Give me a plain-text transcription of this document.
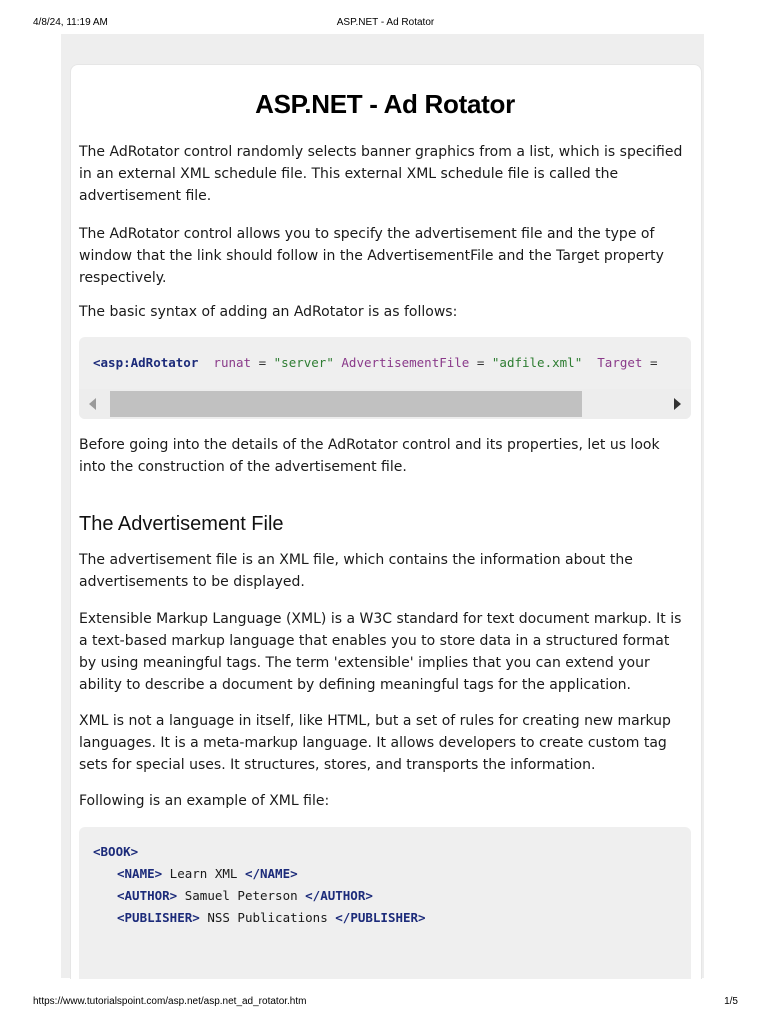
4/8/24, 11:19 AM	ASP.NET - Ad Rotator
ASP.NET - Ad Rotator

The AdRotator control randomly selects banner graphics from a list, which is specified in an external XML schedule file. This external XML schedule file is called the advertisement file.

The AdRotator control allows you to specify the advertisement file and the type of window that the link should follow in the AdvertisementFile and the Target property respectively.

The basic syntax of adding an AdRotator is as follows:

<asp:AdRotator runat = "server" AdvertisementFile = "adfile.xml" Target =

Before going into the details of the AdRotator control and its properties, let us look into the construction of the advertisement file.

The Advertisement File

The advertisement file is an XML file, which contains the information about the advertisements to be displayed.

Extensible Markup Language (XML) is a W3C standard for text document markup. It is a text-based markup language that enables you to store data in a structured format by using meaningful tags. The term 'extensible' implies that you can extend your ability to describe a document by defining meaningful tags for the application.

XML is not a language in itself, like HTML, but a set of rules for creating new markup languages. It is a meta-markup language. It allows developers to create custom tag sets for special uses. It structures, stores, and transports the information.

Following is an example of XML file:

<BOOK>
<NAME> Learn XML </NAME>
<AUTHOR> Samuel Peterson </AUTHOR>
<PUBLISHER> NSS Publications </PUBLISHER>
https://www.tutorialspoint.com/asp.net/asp.net_ad_rotator.htm	1/5
